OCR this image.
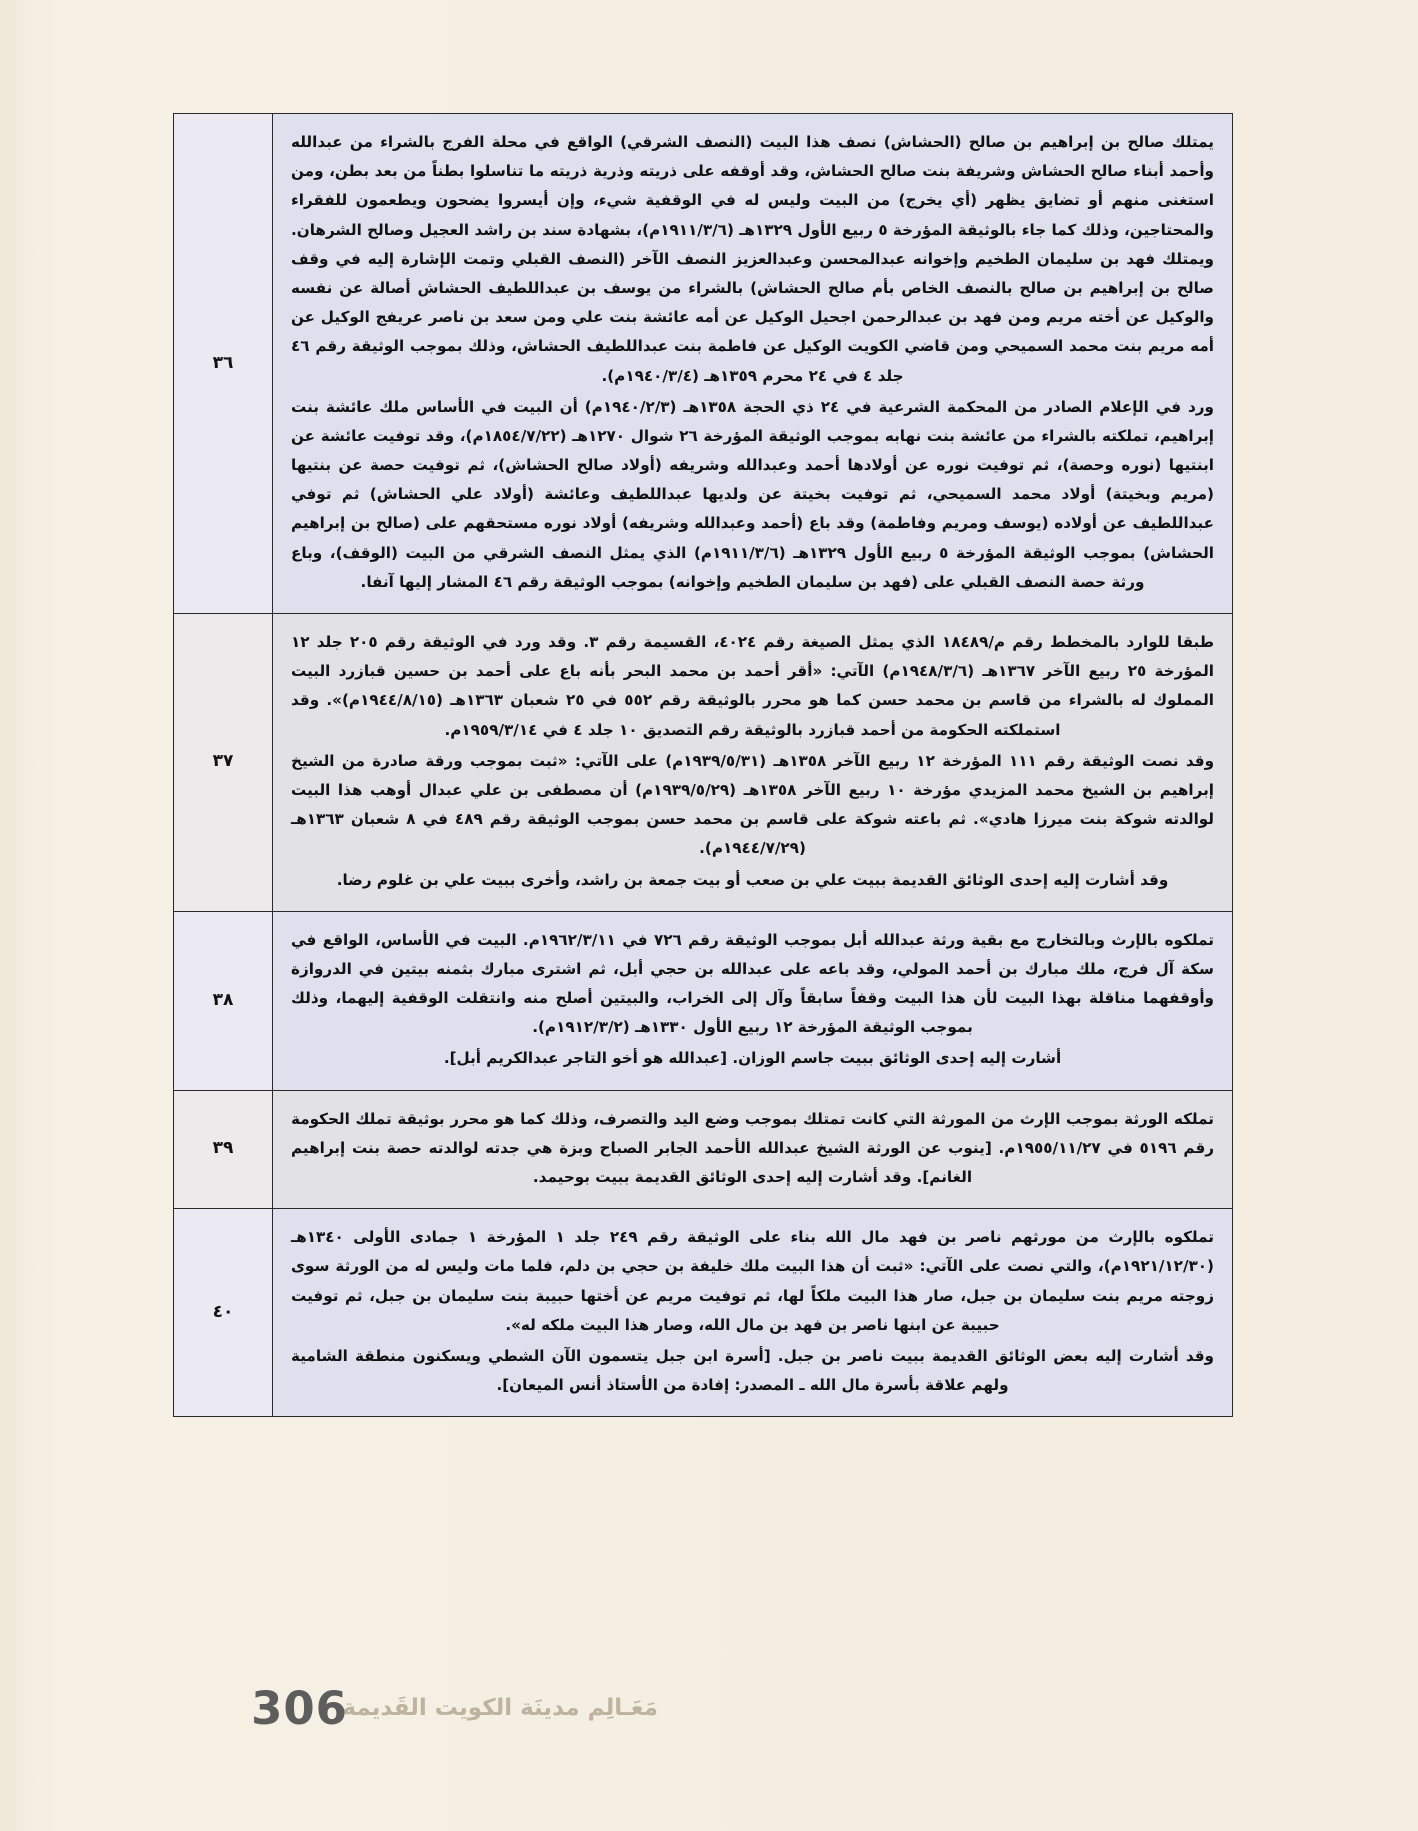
يمتلك صالح بن إبراهيم بن صالح (الحشاش) نصف هذا البيت (النصف الشرقي) الواقع في محلة الفرج بالشراء من عبدالله وأحمد أبناء صالح الحشاش وشريفة بنت صالح الحشاش، وقد أوقفه على ذريته وذرية ذريته ما تناسلوا بطناً من بعد بطن، ومن استغنى منهم أو تضايق يظهر (أي يخرج) من البيت وليس له في الوقفية شيء، وإن أيسروا يضحون ويطعمون للفقراء والمحتاجين، وذلك كما جاء بالوثيقة المؤرخة ٥ ربيع الأول ١٣٢٩هـ (١٩١١/٣/٦م)، بشهادة سند بن راشد العجيل وصالح الشرهان. ويمتلك فهد بن سليمان الطخيم وإخوانه عبدالمحسن وعبدالعزيز النصف الآخر (النصف القبلي وتمت الإشارة إليه في وقف صالح بن إبراهيم بن صالح بالنصف الخاص بأم صالح الحشاش) بالشراء من يوسف بن عبداللطيف الحشاش أصالة عن نفسه والوكيل عن أخته مريم ومن فهد بن عبدالرحمن اجحيل الوكيل عن أمه عائشة بنت علي ومن سعد بن ناصر عريفج الوكيل عن أمه مريم بنت محمد السميحي ومن قاضي الكويت الوكيل عن فاطمة بنت عبداللطيف الحشاش، وذلك بموجب الوثيقة رقم ٤٦ جلد ٤ في ٢٤ محرم ١٣٥٩هـ (١٩٤٠/٣/٤م).

ورد في الإعلام الصادر من المحكمة الشرعية في ٢٤ ذي الحجة ١٣٥٨هـ (١٩٤٠/٢/٣م) أن البيت في الأساس ملك عائشة بنت إبراهيم، تملكته بالشراء من عائشة بنت نهابه بموجب الوثيقة المؤرخة ٢٦ شوال ١٢٧٠هـ (١٨٥٤/٧/٢٢م)، وقد توفيت عائشة عن ابنتيها (نوره وحصة)، ثم توفيت نوره عن أولادها أحمد وعبدالله وشريفه (أولاد صالح الحشاش)، ثم توفيت حصة عن بنتيها (مريم وبخيتة) أولاد محمد السميحي، ثم توفيت بخيتة عن ولديها عبداللطيف وعائشة (أولاد علي الحشاش) ثم توفي عبداللطيف عن أولاده (يوسف ومريم وفاطمة) وقد باع (أحمد وعبدالله وشريفه) أولاد نوره مستحقهم على (صالح بن إبراهيم الحشاش) بموجب الوثيقة المؤرخة ٥ ربيع الأول ١٣٢٩هـ (١٩١١/٣/٦م) الذي يمثل النصف الشرقي من البيت (الوقف)، وباع ورثة حصة النصف القبلي على (فهد بن سليمان الطخيم وإخوانه) بموجب الوثيقة رقم ٤٦ المشار إليها آنفا.	٣٦

طبقا للوارد بالمخطط رقم م/١٨٤٨٩ الذي يمثل الصيغة رقم ٤٠٢٤، القسيمة رقم ٣. وقد ورد في الوثيقة رقم ٢٠٥ جلد ١٢ المؤرخة ٢٥ ربيع الآخر ١٣٦٧هـ (١٩٤٨/٣/٦م) الآتي: «أقر أحمد بن محمد البحر بأنه باع على أحمد بن حسين قبازرد البيت المملوك له بالشراء من قاسم بن محمد حسن كما هو محرر بالوثيقة رقم ٥٥٢ في ٢٥ شعبان ١٣٦٣هـ (١٩٤٤/٨/١٥م)». وقد استملكته الحكومة من أحمد قبازرد بالوثيقة رقم التصديق ١٠ جلد ٤ في ١٩٥٩/٣/١٤م.

وقد نصت الوثيقة رقم ١١١ المؤرخة ١٢ ربيع الآخر ١٣٥٨هـ (١٩٣٩/٥/٣١م) على الآتي: «ثبت بموجب ورقة صادرة من الشيخ إبراهيم بن الشيخ محمد المزيدي مؤرخة ١٠ ربيع الآخر ١٣٥٨هـ (١٩٣٩/٥/٢٩م) أن مصطفى بن علي عبدال أوهب هذا البيت لوالدته شوكة بنت ميرزا هادي». ثم باعته شوكة على قاسم بن محمد حسن بموجب الوثيقة رقم ٤٨٩ في ٨ شعبان ١٣٦٣هـ (١٩٤٤/٧/٢٩م).

وقد أشارت إليه إحدى الوثائق القديمة ببيت علي بن صعب أو بيت جمعة بن راشد، وأخرى ببيت علي بن غلوم رضا.	٣٧

تملكوه بالإرث وبالتخارج مع بقية ورثة عبدالله أبل بموجب الوثيقة رقم ٧٢٦ في ١٩٦٢/٣/١١م. البيت في الأساس، الواقع في سكة آل فرج، ملك مبارك بن أحمد المولي، وقد باعه على عبدالله بن حجي أبل، ثم اشترى مبارك بثمنه بيتين في الدروازة وأوقفهما مناقلة بهذا البيت لأن هذا البيت وقفاً سابقاً وآل إلى الخراب، والبيتين أصلح منه وانتقلت الوقفية إليهما، وذلك بموجب الوثيقة المؤرخة ١٢ ربيع الأول ١٣٣٠هـ (١٩١٢/٣/٢م).

أشارت إليه إحدى الوثائق ببيت جاسم الوزان. [عبدالله هو أخو التاجر عبدالكريم أبل].	٣٨

تملكه الورثة بموجب الإرث من المورثة التي كانت تمتلك بموجب وضع اليد والتصرف، وذلك كما هو محرر بوثيقة تملك الحكومة رقم ٥١٩٦ في ١٩٥٥/١١/٢٧م. [ينوب عن الورثة الشيخ عبدالله الأحمد الجابر الصباح وبزة هي جدته لوالدته حصة بنت إبراهيم الغانم]. وقد أشارت إليه إحدى الوثائق القديمة ببيت بوحيمد.	٣٩

تملكوه بالإرث من مورثهم ناصر بن فهد مال الله بناء على الوثيقة رقم ٢٤٩ جلد ١ المؤرخة ١ جمادى الأولى ١٣٤٠هـ (١٩٢١/١٢/٣٠م)، والتي نصت على الآتي: «ثبت أن هذا البيت ملك خليفة بن حجي بن دلم، فلما مات وليس له من الورثة سوى زوجته مريم بنت سليمان بن جبل، صار هذا البيت ملكاً لها، ثم توفيت مريم عن أختها حبيبة بنت سليمان بن جبل، ثم توفيت حبيبة عن ابنها ناصر بن فهد بن مال الله، وصار هذا البيت ملكه له».

وقد أشارت إليه بعض الوثائق القديمة ببيت ناصر بن جبل. [أسرة ابن جبل يتسمون الآن الشطي ويسكنون منطقة الشامية ولهم علاقة بأسرة مال الله ـ المصدر: إفادة من الأستاذ أنس الميعان].	٤٠
مَعَـالِم مدينَة الكويت القَديمة
306
